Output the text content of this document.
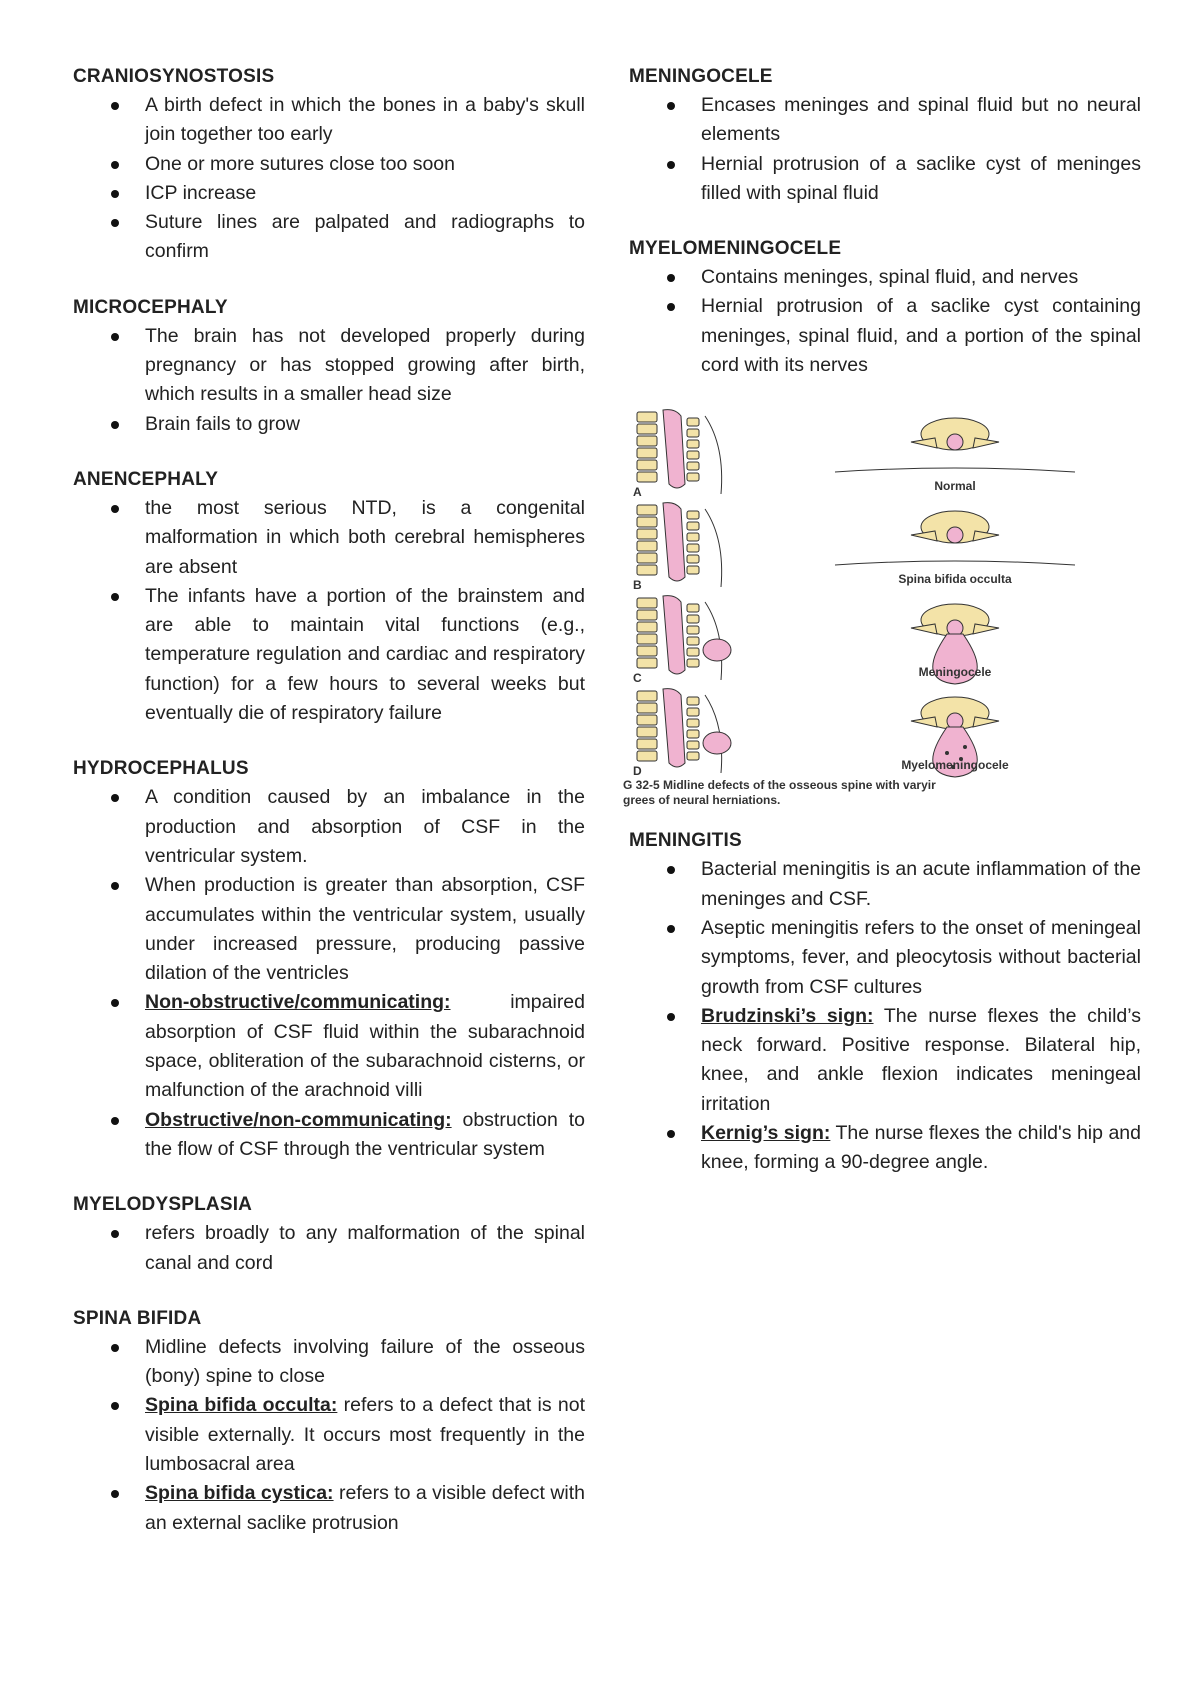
CRANIOSYNOSTOSIS
A birth defect in which the bones in a baby's skull join together too early
One or more sutures close too soon
ICP increase
Suture lines are palpated and radiographs to confirm
MICROCEPHALY
The brain has not developed properly during pregnancy or has stopped growing after birth, which results in a smaller head size
Brain fails to grow
ANENCEPHALY
the most serious NTD, is a congenital malformation in which both cerebral hemispheres are absent
The infants have a portion of the brainstem and are able to maintain vital functions (e.g., temperature regulation and cardiac and respiratory function) for a few hours to several weeks but eventually die of respiratory failure
HYDROCEPHALUS
A condition caused by an imbalance in the production and absorption of CSF in the ventricular system.
When production is greater than absorption, CSF accumulates within the ventricular system, usually under increased pressure, producing passive dilation of the ventricles
Non-obstructive/communicating: impaired absorption of CSF fluid within the subarachnoid space, obliteration of the subarachnoid cisterns, or malfunction of the arachnoid villi
Obstructive/non-communicating: obstruction to the flow of CSF through the ventricular system
MYELODYSPLASIA
refers broadly to any malformation of the spinal canal and cord
SPINA BIFIDA
Midline defects involving failure of the osseous (bony) spine to close
Spina bifida occulta: refers to a defect that is not visible externally. It occurs most frequently in the lumbosacral area
Spina bifida cystica: refers to a visible defect with an external saclike protrusion
MENINGOCELE
Encases meninges and spinal fluid but no neural elements
Hernial protrusion of a saclike cyst of meninges filled with spinal fluid
MYELOMENINGOCELE
Contains meninges, spinal fluid, and nerves
Hernial protrusion of a saclike cyst containing meninges, spinal fluid, and a portion of the spinal cord with its nerves
A	Normal
B	Spina bifida occulta
C	Meningocele
D	Myelomeningocele
G 32-5 Midline defects of the osseous spine with varyir
grees of neural herniations.
MENINGITIS
Bacterial meningitis is an acute inflammation of the meninges and CSF.
Aseptic meningitis refers to the onset of meningeal symptoms, fever, and pleocytosis without bacterial growth from CSF cultures
Brudzinski’s sign: The nurse flexes the child’s neck forward. Positive response. Bilateral hip, knee, and ankle flexion indicates meningeal irritation
Kernig’s sign: The nurse flexes the child's hip and knee, forming a 90-degree angle.
